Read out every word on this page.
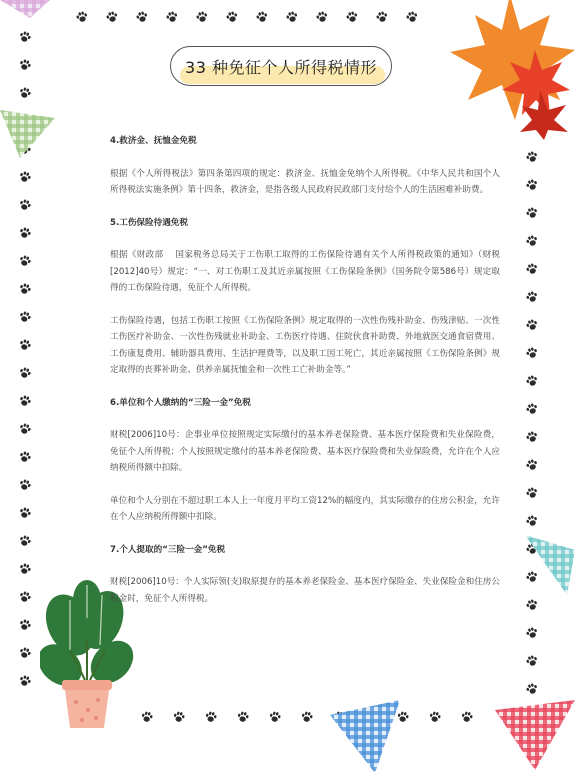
33 种免征个人所得税情形

4.救济金、抚恤金免税

根据《个人所得税法》第四条第四项的规定：救济金、抚恤金免纳个人所得税。《中华人民共和国个人所得税法实施条例》第十四条，救济金，是指各级人民政府民政部门支付给个人的生活困难补助费。

5.工伤保险待遇免税

根据《财政部　 国家税务总局关于工伤职工取得的工伤保险待遇有关个人所得税政策的通知》（财税[2012]40号）规定：“一、对工伤职工及其近亲属按照《工伤保险条例》（国务院令第586号）规定取得的工伤保险待遇，免征个人所得税。

工伤保险待遇，包括工伤职工按照《工伤保险条例》规定取得的一次性伤残补助金、伤残津贴、一次性工伤医疗补助金、一次性伤残就业补助金、工伤医疗待遇、住院伙食补助费、外地就医交通食宿费用、工伤康复费用、辅助器具费用、生活护理费等，以及职工因工死亡，其近亲属按照《工伤保险条例》规定取得的丧葬补助金、供养亲属抚恤金和一次性工亡补助金等。”

6.单位和个人缴纳的“三险一金”免税

财税[2006]10号：企事业单位按照规定实际缴付的基本养老保险费、基本医疗保险费和失业保险费，免征个人所得税；个人按照规定缴付的基本养老保险费、基本医疗保险费和失业保险费，允许在个人应纳税所得额中扣除。

单位和个人分别在不超过职工本人上一年度月平均工资12%的幅度内，其实际缴存的住房公积金，允许在个人应纳税所得额中扣除。

7.个人提取的“三险一金”免税

财税[2006]10号：个人实际领(支)取原提存的基本养老保险金、基本医疗保险金、失业保险金和住房公积金时，免征个人所得税。
